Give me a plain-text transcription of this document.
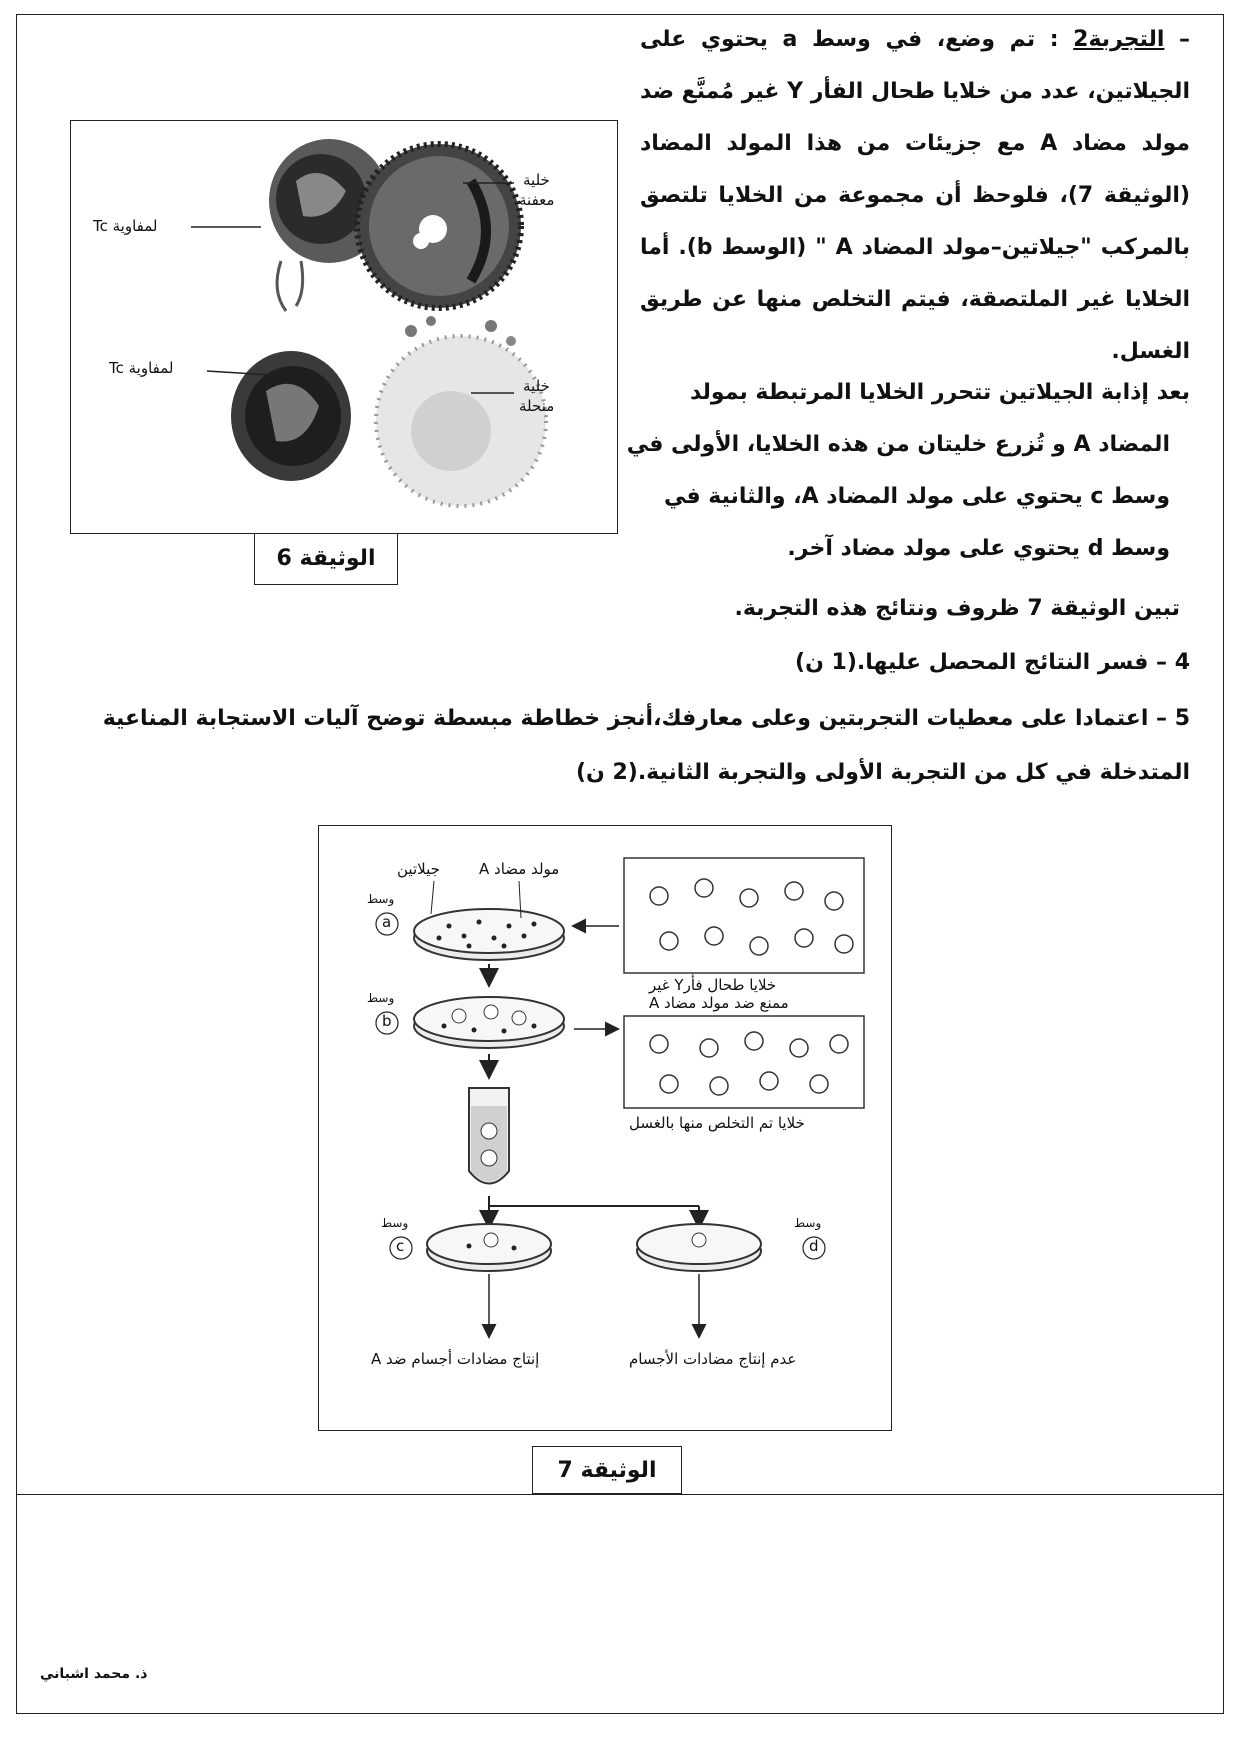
– التجربة2 : تم وضع، في وسط a يحتوي على الجيلاتين، عدد من خلايا طحال الفأر Y غير مُمنَّع ضد مولد مضاد A مع جزيئات من هذا المولد المضاد (الوثيقة 7)، فلوحظ أن مجموعة من الخلايا تلتصق بالمركب "جيلاتين–مولد المضاد A " (الوسط b). أما الخلايا غير الملتصقة، فيتم التخلص منها عن طريق الغسل.
بعد إذابة الجيلاتين تتحرر الخلايا المرتبطة بمولد
المضاد A و تُزرع خليتان من هذه الخلايا، الأولى في
وسط c يحتوي على مولد المضاد A، والثانية في
وسط d يحتوي على مولد مضاد آخر.
تبين الوثيقة 7 ظروف ونتائج هذه التجربة.
4 – فسر النتائج المحصل عليها.(1 ن)
5 – اعتمادا على معطيات التجربتين وعلى معارفك،أنجز خطاطة مبسطة توضح آليات الاستجابة المناعية
المتدخلة في كل من التجربة الأولى والتجربة الثانية.(2 ن)
لمفاوية Tc
خلية
معفنة
لمفاوية Tc
خلية
منحلة
الوثيقة 6
مولد مضاد A
جيلاتين
وسط
a
وسط
b
وسط
c
وسط
d
خلايا طحال فأرY غير
ممنع ضد مولد مضاد A
خلايا تم التخلص منها بالغسل
إنتاج مضادات أجسام ضد A	عدم إنتاج مضادات الأجسام
الوثيقة 7
ذ. محمد اشباني
